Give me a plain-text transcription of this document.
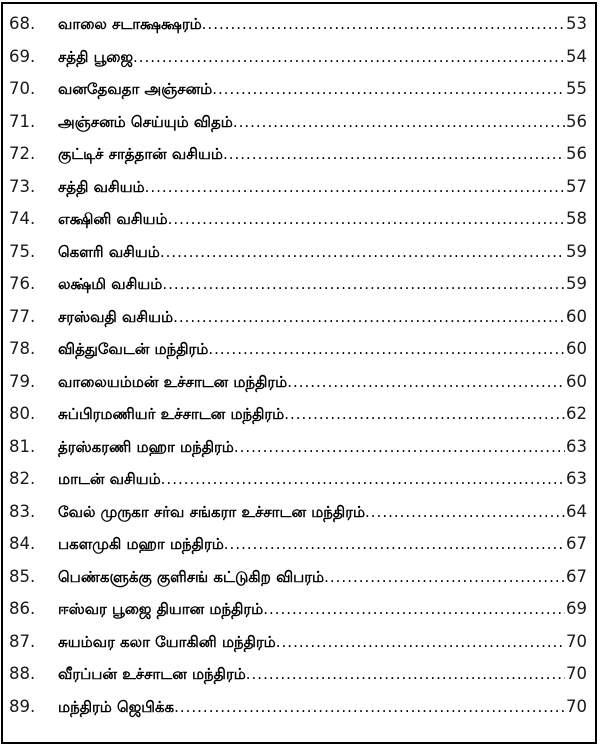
68.	வாலை சடாக்ஷக்ஷரம் .....	53
69.	சத்தி பூஜை .....	54
70.	வனதேவதா அஞ்சனம் .....	55
71.	அஞ்சனம் செய்யும் விதம் .....	56
72.	குட்டிச் சாத்தான் வசியம் .....	56
73.	சத்தி வசியம் .....	57
74.	எக்ஷினி வசியம் .....	58
75.	கௌரி வசியம் .....	59
76.	லக்ஷ்மி வசியம் .....	59
77.	சரஸ்வதி வசியம் .....	60
78.	வித்துவேடன் மந்திரம் .....	60
79.	வாலையம்மன் உச்சாடன மந்திரம் .....	60
80.	சுப்பிரமணியர் உச்சாடன மந்திரம் .....	62
81.	த்ரஸ்கரணி மஹா மந்திரம் .....	63
82.	மாடன் வசியம் .....	63
83.	வேல் முருகா சர்வ சங்கரா உச்சாடன மந்திரம் .....	64
84.	பகளமுகி மஹா மந்திரம் .....	67
85.	பெண்களுக்கு குளிசங் கட்டுகிற விபரம் .....	67
86.	ஈஸ்வர பூஜை தியான மந்திரம் .....	69
87.	சுயம்வர கலா யோகினி மந்திரம் .....	70
88.	வீரப்பன் உச்சாடன மந்திரம் .....	70
89.	மந்திரம் ஜெபிக்க .....	70
